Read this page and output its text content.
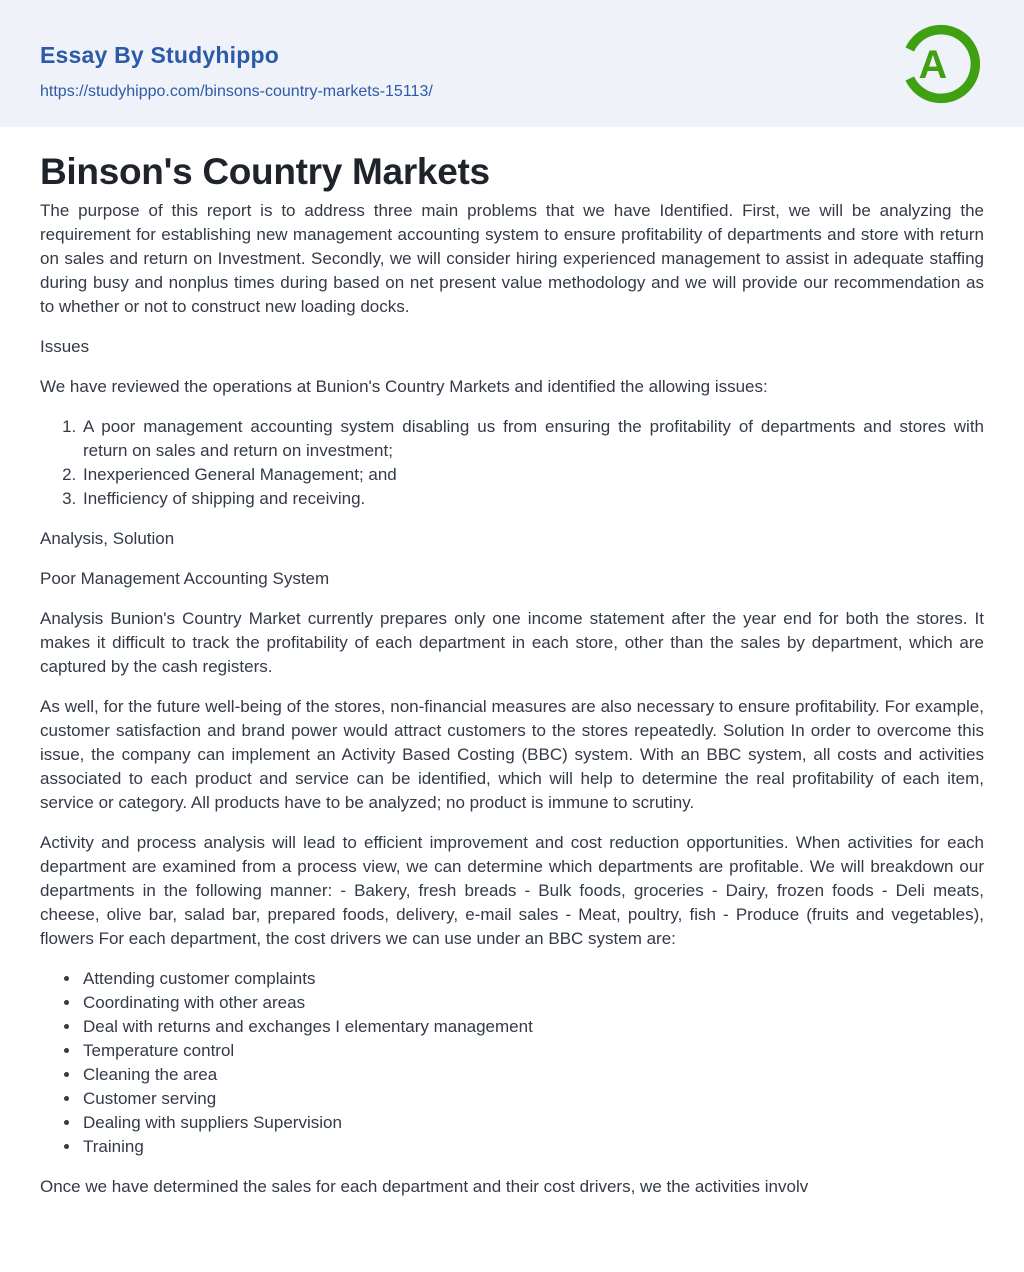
Essay By Studyhippo
https://studyhippo.com/binsons-country-markets-15113/
A
Binson's Country Markets

The purpose of this report is to address three main problems that we have Identified. First, we will be analyzing the requirement for establishing new management accounting system to ensure profitability of departments and store with return on sales and return on Investment. Secondly, we will consider hiring experienced management to assist in adequate staffing during busy and nonplus times during based on net present value methodology and we will provide our recommendation as to whether or not to construct new loading docks.

Issues

We have reviewed the operations at Bunion's Country Markets and identified the allowing issues:

1. A poor management accounting system disabling us from ensuring the profitability of departments and stores with return on sales and return on investment;
2. Inexperienced General Management; and
3. Inefficiency of shipping and receiving.

Analysis, Solution

Poor Management Accounting System

Analysis Bunion's Country Market currently prepares only one income statement after the year end for both the stores. It makes it difficult to track the profitability of each department in each store, other than the sales by department, which are captured by the cash registers.

As well, for the future well-being of the stores, non-financial measures are also necessary to ensure profitability. For example, customer satisfaction and brand power would attract customers to the stores repeatedly. Solution In order to overcome this issue, the company can implement an Activity Based Costing (BBC) system. With an BBC system, all costs and activities associated to each product and service can be identified, which will help to determine the real profitability of each item, service or category. All products have to be analyzed; no product is immune to scrutiny.

Activity and process analysis will lead to efficient improvement and cost reduction opportunities. When activities for each department are examined from a process view, we can determine which departments are profitable. We will breakdown our departments in the following manner: - Bakery, fresh breads - Bulk foods, groceries - Dairy, frozen foods - Deli meats, cheese, olive bar, salad bar, prepared foods, delivery, e-mail sales - Meat, poultry, fish - Produce (fruits and vegetables), flowers For each department, the cost drivers we can use under an BBC system are:

• Attending customer complaints
• Coordinating with other areas
• Deal with returns and exchanges I elementary management
• Temperature control
• Cleaning the area
• Customer serving
• Dealing with suppliers Supervision
• Training

Once we have determined the sales for each department and their cost drivers, we the activities involv
